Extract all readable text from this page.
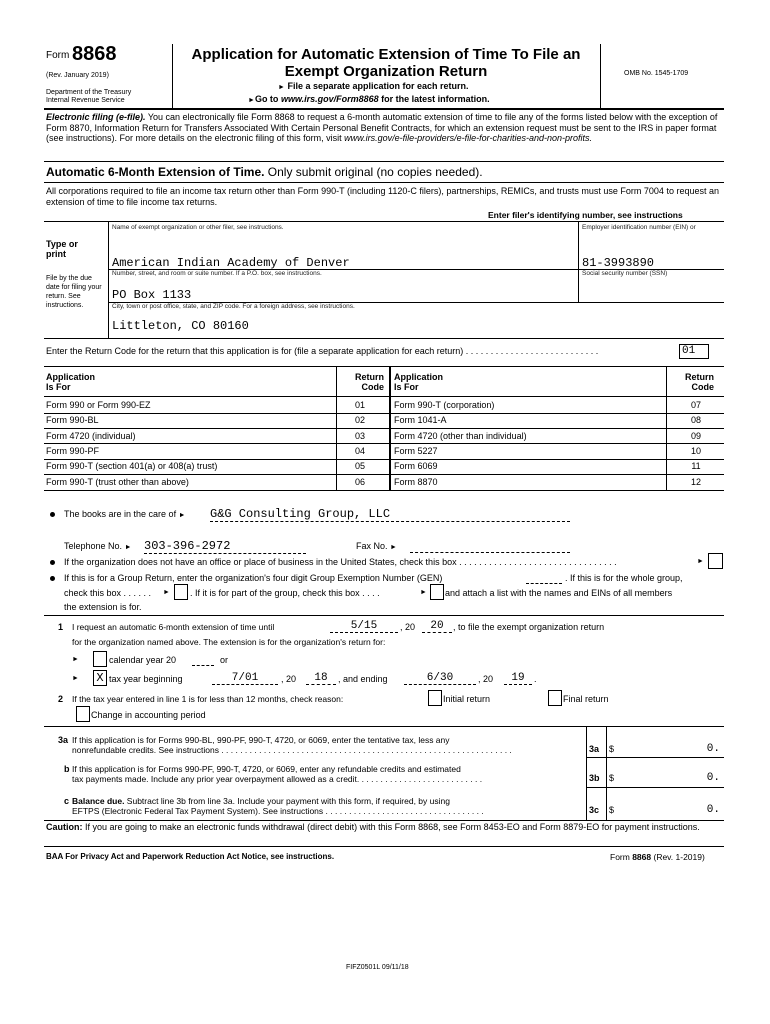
Form 8868
(Rev. January 2019)
Department of the Treasury
Internal Revenue Service
Application for Automatic Extension of Time To File an
Exempt Organization Return
► File a separate application for each return.
►Go to www.irs.gov/Form8868 for the latest information.
OMB No. 1545-1709
Electronic filing (e-file). You can electronically file Form 8868 to request a 6-month automatic extension of time to file any of the forms listed below with the exception of Form 8870, Information Return for Transfers Associated With Certain Personal Benefit Contracts, for which an extension request must be sent to the IRS in paper format (see instructions). For more details on the electronic filing of this form, visit www.irs.gov/e-file-providers/e-file-for-charities-and-non-profits.
Automatic 6-Month Extension of Time. Only submit original (no copies needed).
All corporations required to file an income tax return other than Form 990-T (including 1120-C filers), partnerships, REMICs, and trusts must use Form 7004 to request an extension of time to file income tax returns.
Enter filer's identifying number, see instructions
Type or print
File by the due date for filing your return. See instructions.
Name of exempt organization or other filer, see instructions.
American Indian Academy of Denver
Employer identification number (EIN) or
81-3993890
Number, street, and room or suite number. If a P.O. box, see instructions.
PO Box 1133
Social security number (SSN)
City, town or post office, state, and ZIP code. For a foreign address, see instructions.
Littleton, CO 80160
Enter the Return Code for the return that this application is for (file a separate application for each return) . . . . . . . . . . . . . . . . . . . . . . . . . . .	01
Application
Is For
Return
Code
Application
Is For
Return
Code
Form 990 or Form 990-EZ	01	Form 990-T (corporation)	07
Form 990-BL	02	Form 1041-A	08
Form 4720 (individual)	03	Form 4720 (other than individual)	09
Form 990-PF	04	Form 5227	10
Form 990-T (section 401(a) or 408(a) trust)	05	Form 6069	11
Form 990-T (trust other than above)	06	Form 8870	12
The books are in the care of ► G&G Consulting Group, LLC
Telephone No. ► 303-396-2972	Fax No. ►
If the organization does not have an office or place of business in the United States, check this box . . . . . . . . . . . . . . . . . . . . . . . . . . . . . . . .	►
If this is for a Group Return, enter the organization's four digit Group Exemption Number (GEN)	. If this is for the whole group,
check this box . . . . . . ► . If it is for part of the group, check this box . . . .	► and attach a list with the names and EINs of all members
the extension is for.
1 I request an automatic 6-month extension of time until	5/15	, 20	20	, to file the exempt organization return
for the organization named above. The extension is for the organization's return for:
►	calendar year 20	or
► X tax year beginning	7/01	, 20	18	, and ending	6/30	, 20	19	.
2 If the tax year entered in line 1 is for less than 12 months, check reason:	Initial return	Final return
Change in accounting period
3a If this application is for Forms 990-BL, 990-PF, 990-T, 4720, or 6069, enter the tentative tax, less any
nonrefundable credits. See instructions . . . . . . . . . . . . . . . . . . . . . . . . . . . . . . . . . . . . . . . . . . . . . . . . . . . . . . . . . . . . . .	3a $	0.
b If this application is for Forms 990-PF, 990-T, 4720, or 6069, enter any refundable credits and estimated
tax payments made. Include any prior year overpayment allowed as a credit. . . . . . . . . . . . . . . . . . . . . . . . . . .	3b $	0.
c Balance due. Subtract line 3b from line 3a. Include your payment with this form, if required, by using
EFTPS (Electronic Federal Tax Payment System). See instructions . . . . . . . . . . . . . . . . . . . . . . . . . . . . . . . . . .	3c $	0.
Caution: If you are going to make an electronic funds withdrawal (direct debit) with this Form 8868, see Form 8453-EO and Form 8879-EO for payment instructions.
BAA For Privacy Act and Paperwork Reduction Act Notice, see instructions.	Form 8868 (Rev. 1-2019)
FIFZ0501L 09/11/18
